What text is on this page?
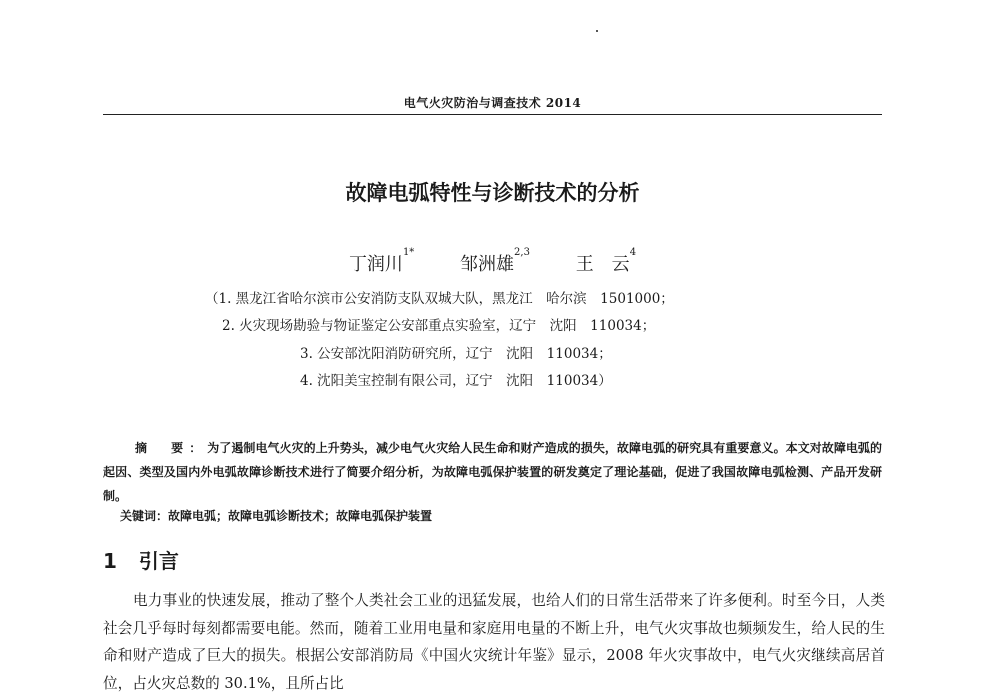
电气火灾防治与调查技术 2014
故障电弧特性与诊断技术的分析
丁润川$^{1*}$ 邹洲雄$^{2,3}$ 王　云$^4$
（1. 黑龙江省哈尔滨市公安消防支队双城大队，黑龙江　哈尔滨　1501000；
2. 火灾现场勘验与物证鉴定公安部重点实验室，辽宁　沈阳　110034；
3. 公安部沈阳消防研究所，辽宁　沈阳　110034；
4. 沈阳美宝控制有限公司，辽宁　沈阳　110034）
摘　要：为了遏制电气火灾的上升势头，减少电气火灾给人民生命和财产造成的损失，故障电弧的研究具有重要意义。本文对故障电弧的起因、类型及国内外电弧故障诊断技术进行了简要介绍分析，为故障电弧保护装置的研发奠定了理论基础，促进了我国故障电弧检测、产品开发研制。
关键词：故障电弧；故障电弧诊断技术；故障电弧保护装置
1 引言
电力事业的快速发展，推动了整个人类社会工业的迅猛发展，也给人们的日常生活带来了许多便利。时至今日，人类社会几乎每时每刻都需要电能。然而，随着工业用电量和家庭用电量的不断上升，电气火灾事故也频频发生，给人民的生命和财产造成了巨大的损失。根据公安部消防局《中国火灾统计年鉴》显示，2008 年火灾事故中，电气火灾继续高居首位，占火灾总数的 30.1%，且所占比
